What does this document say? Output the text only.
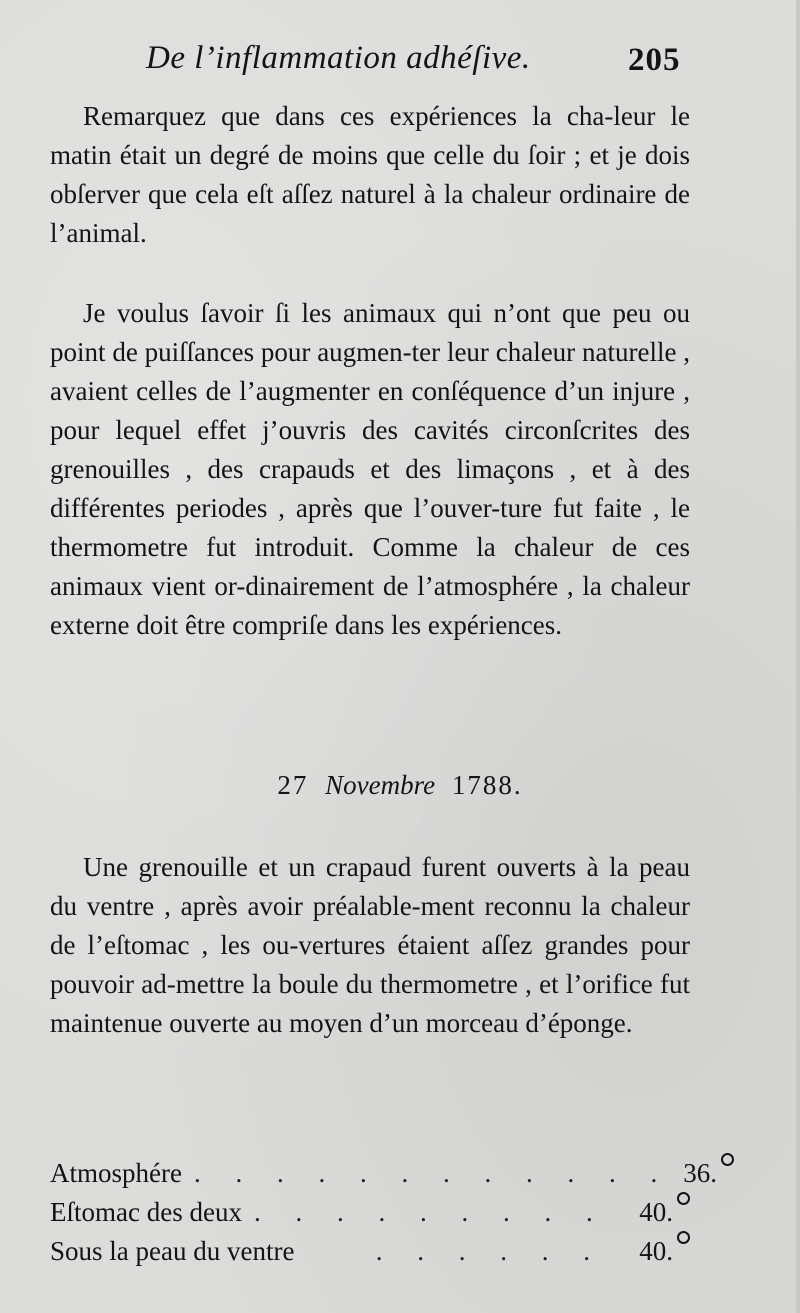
De l’inflammation adhéſive.	205

Remarquez que dans ces expériences la cha-leur le matin était un degré de moins que celle du ſoir ; et je dois obſerver que cela eſt aſſez naturel à la chaleur ordinaire de l’animal.

Je voulus ſavoir ſi les animaux qui n’ont que peu ou point de puiſſances pour augmen-ter leur chaleur naturelle , avaient celles de l’augmenter en conſéquence d’un injure , pour lequel effet j’ouvris des cavités circonſcrites des grenouilles , des crapauds et des limaçons , et à des différentes periodes , après que l’ouver-ture fut faite , le thermometre fut introduit. Comme la chaleur de ces animaux vient or-dinairement de l’atmosphére , la chaleur externe doit être compriſe dans les expériences.

27 Novembre 1788.

Une grenouille et un crapaud furent ouverts à la peau du ventre , après avoir préalable-ment reconnu la chaleur de l’eſtomac , les ou-vertures étaient aſſez grandes pour pouvoir ad-mettre la boule du thermometre , et l’orifice fut maintenue ouverte au moyen d’un morceau d’éponge.

Atmosphére . . . . . . . . . . . . 36.
Eſtomac des deux . . . . . . . . .	40.
Sous la peau du ventre	. . . . . .	40.
